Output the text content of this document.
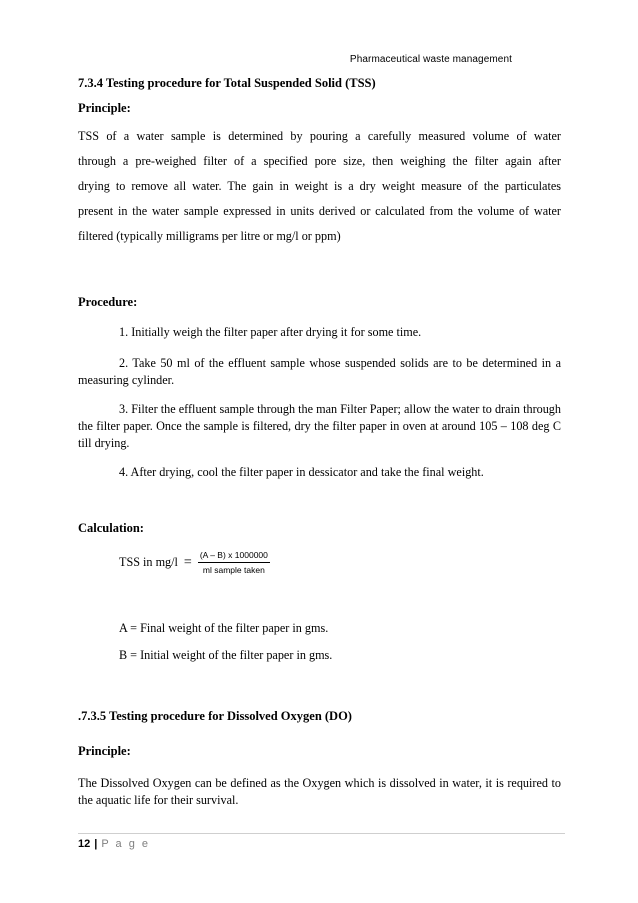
Pharmaceutical waste management

7.3.4 Testing procedure for Total Suspended Solid (TSS)

Principle:

TSS of a water sample is determined by pouring a carefully measured volume of water

through a pre-weighed filter of a specified pore size, then weighing the filter again after

drying to remove all water. The gain in weight is a dry weight measure of the particulates

present in the water sample expressed in units derived or calculated from the volume of water

filtered (typically milligrams per litre or mg/l or ppm)

Procedure:

1. Initially weigh the filter paper after drying it for some time.

2. Take 50 ml of the effluent sample whose suspended solids are to be determined in a measuring cylinder.

3. Filter the effluent sample through the man Filter Paper; allow the water to drain through the filter paper. Once the sample is filtered, dry the filter paper in oven at around 105 – 108 deg C till drying.

4. After drying, cool the filter paper in dessicator and take the final weight.

Calculation:

TSS in $mg/l = \frac{(A - B) x 1000000}{\text{ml sample taken}}$

A = Final weight of the filter paper in gms.

B = Initial weight of the filter paper in gms.

.7.3.5 Testing procedure for Dissolved Oxygen (DO)

Principle:

The Dissolved Oxygen can be defined as the Oxygen which is dissolved in water, it is required to the aquatic life for their survival.

12 | P a g e
